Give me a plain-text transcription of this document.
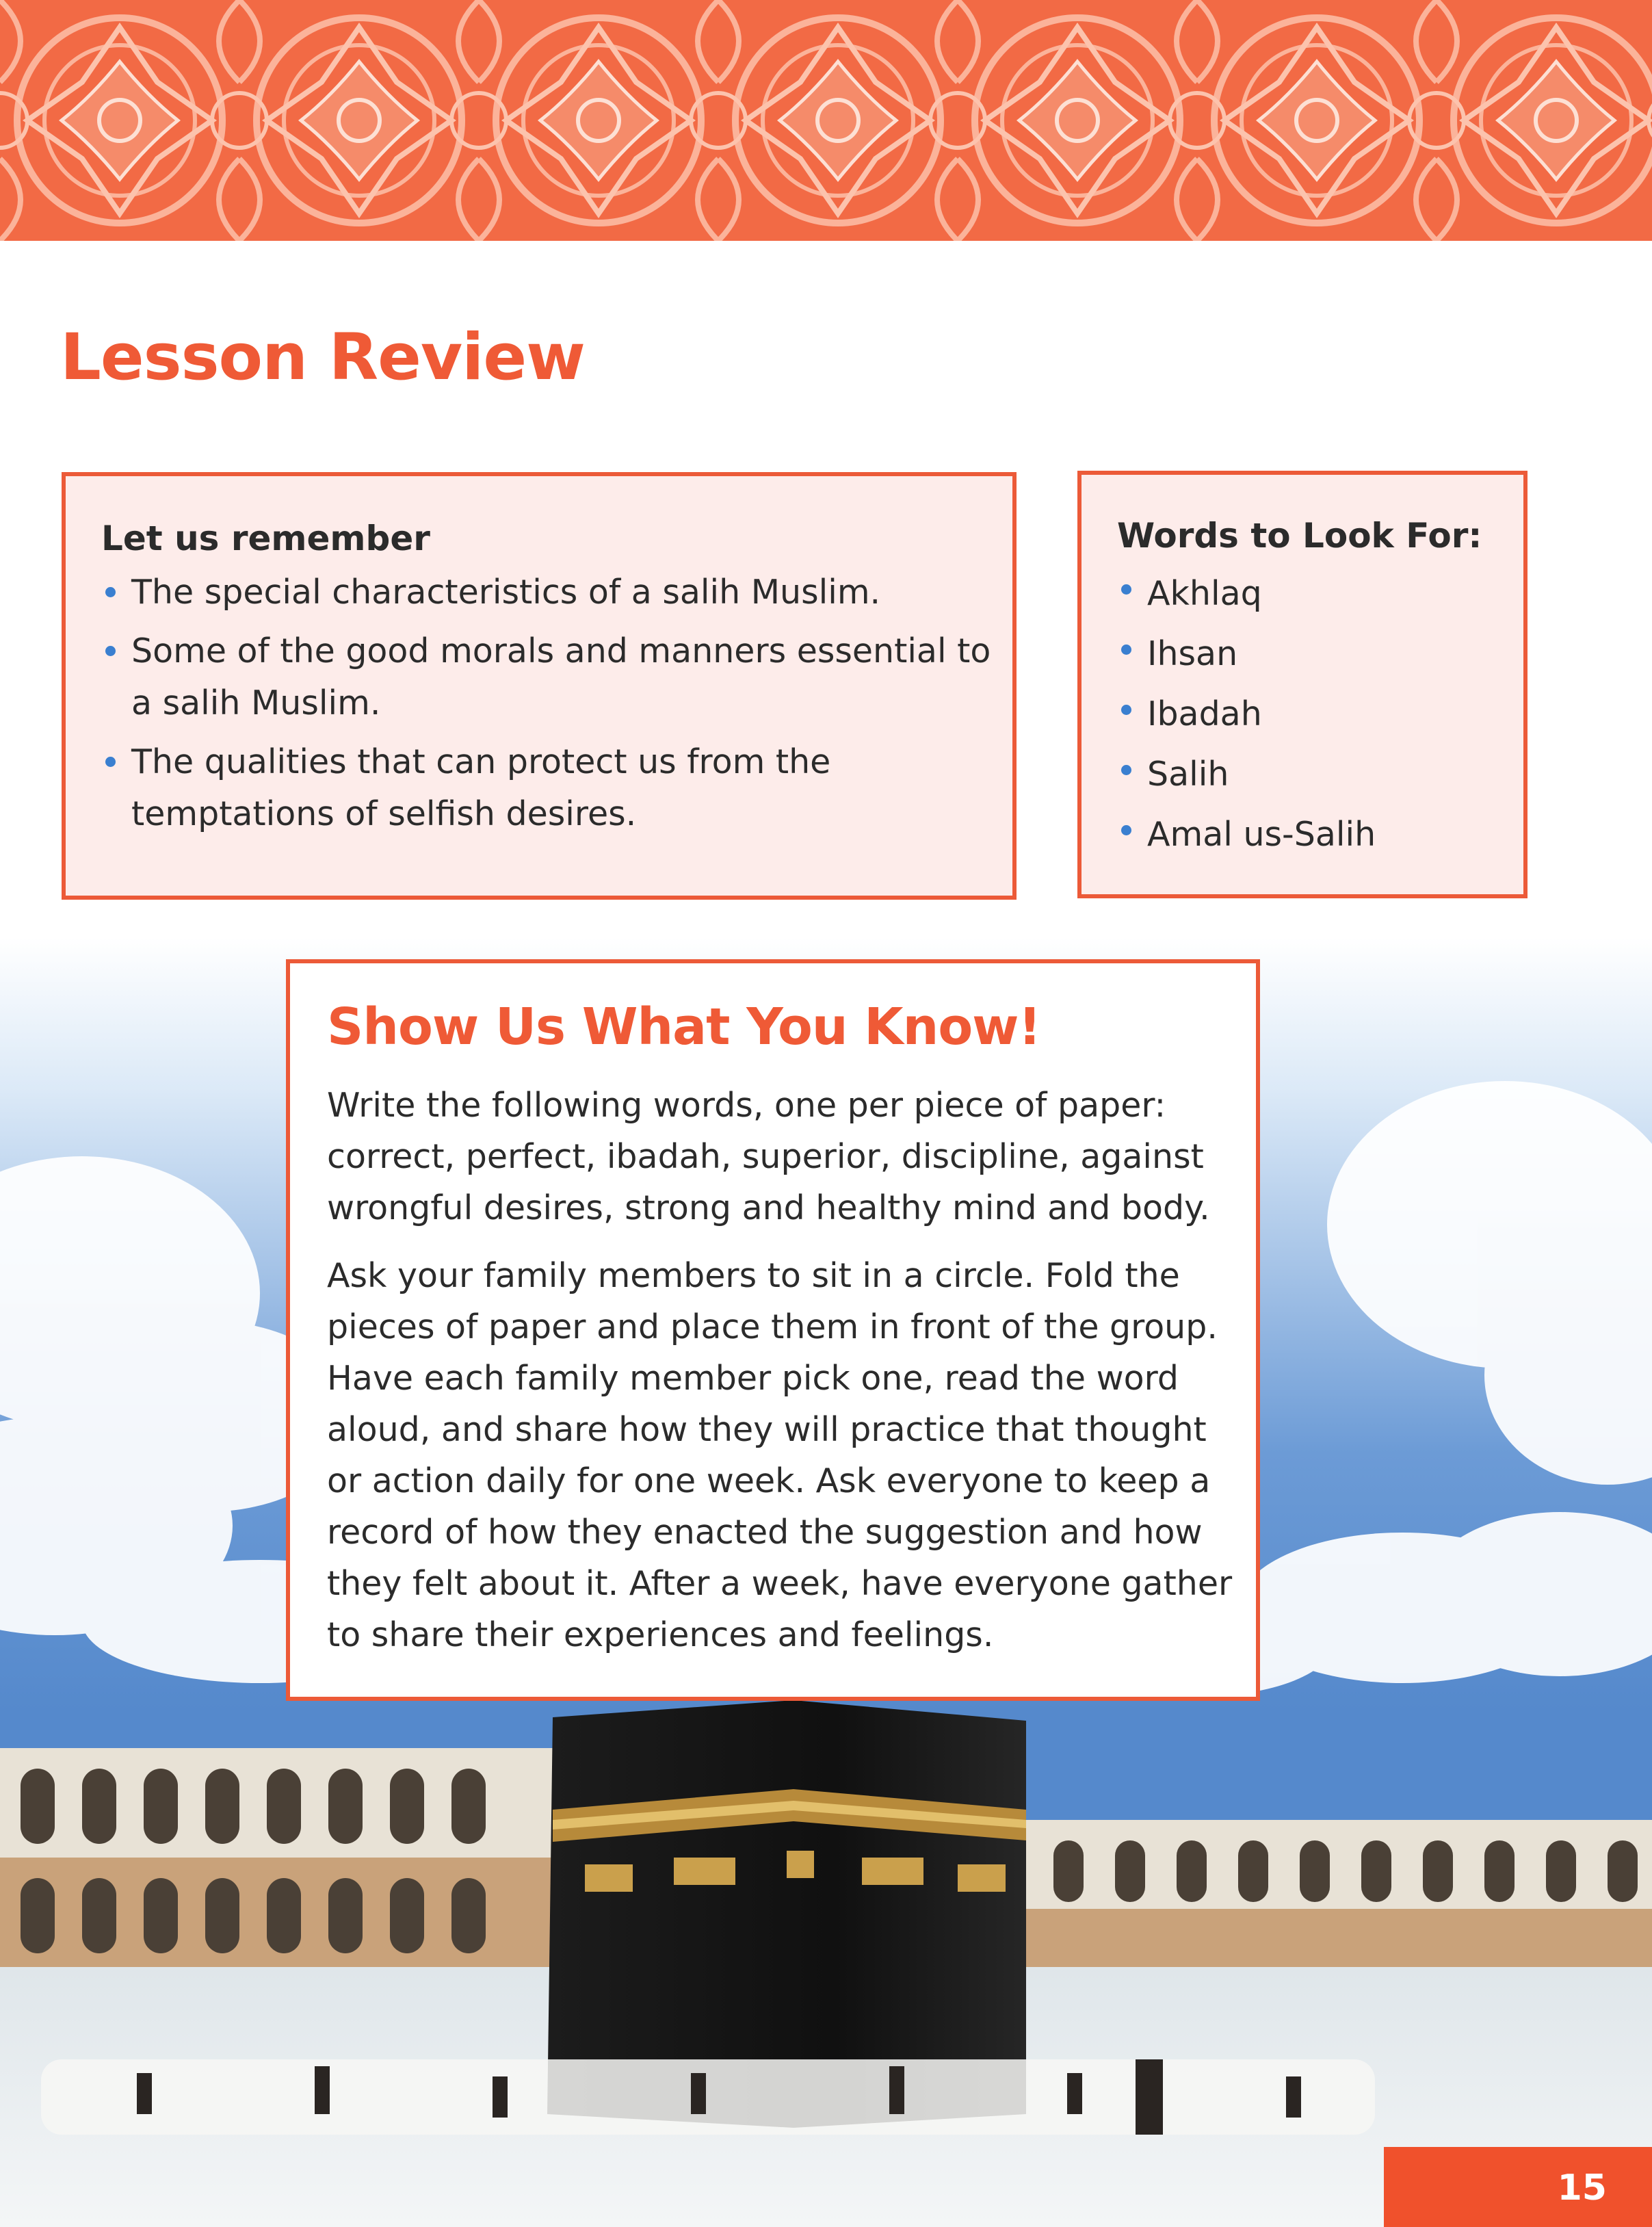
Lesson Review
Let us remember
The special characteristics of a salih Muslim.
Some of the good morals and manners essential to a salih Muslim.
The qualities that can protect us from the temptations of selfish desires.
Words to Look For:
Akhlaq
Ihsan
Ibadah
Salih
Amal us-Salih
Show Us What You Know!

Write the following words, one per piece of paper: correct, perfect, ibadah, superior, discipline, against wrongful desires, strong and healthy mind and body.

Ask your family members to sit in a circle. Fold the pieces of paper and place them in front of the group. Have each family member pick one, read the word aloud, and share how they will practice that thought or action daily for one week. Ask everyone to keep a record of how they enacted the suggestion and how they felt about it. After a week, have everyone gather to share their experiences and feelings.

15
